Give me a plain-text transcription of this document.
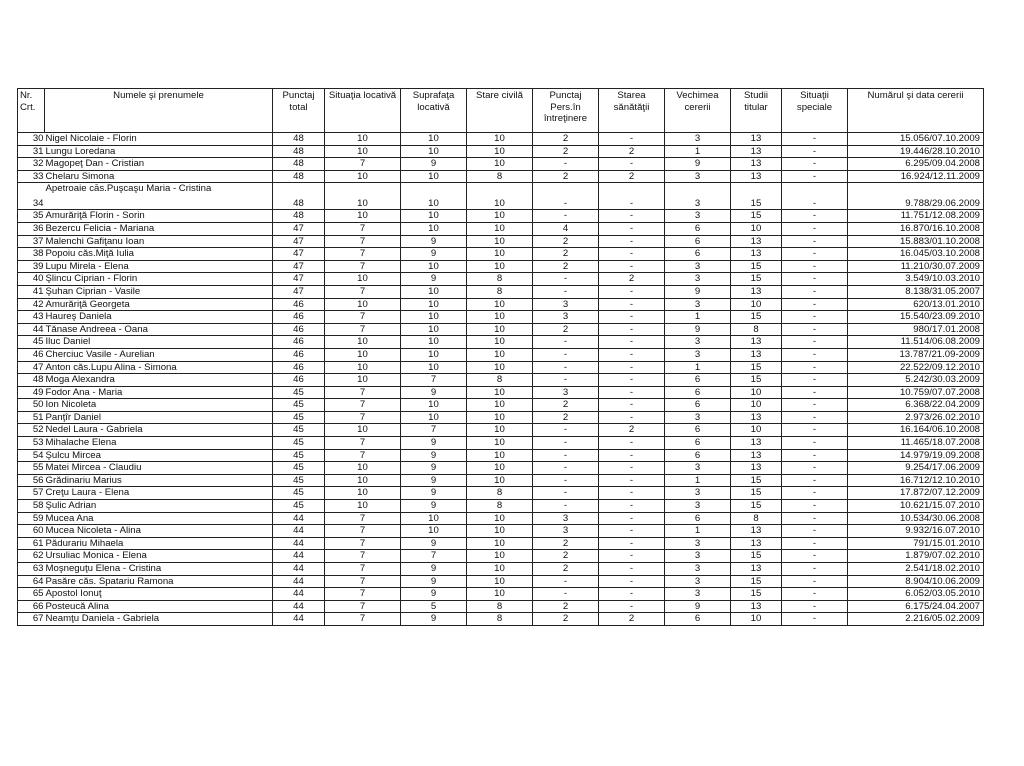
Nr. Crt.	Numele şi prenumele	Punctaj total	Situaţia locativă	Suprafaţa locativă	Stare civilă	Punctaj Pers.în întreţinere	Starea sănătăţii	Vechimea cererii	Studii titular	Situaţii speciale	Numărul şi data cererii
30	Nigel Nicolaie - Florin	48	10	10	10	2	-	3	13	-	15.056/07.10.2009
31	Lungu Loredana	48	10	10	10	2	2	1	13	-	19.446/28.10.2010
32	Magopeţ Dan - Cristian	48	7	9	10	-	-	9	13	-	6.295/09.04.2008
33	Chelaru Simona	48	10	10	8	2	2	3	13	-	16.924/12.11.2009
34	Apetroaie cās.Puşcaşu Maria - Cristina	48	10	10	10	-	-	3	15	-	9.788/29.06.2009
35	Amurăriţă Florin - Sorin	48	10	10	10	-	-	3	15	-	11.751/12.08.2009
36	Bezercu Felicia - Mariana	47	7	10	10	4	-	6	10	-	16.870/16.10.2008
37	Malenchi Gafiţanu Ioan	47	7	9	10	2	-	6	13	-	15.883/01.10.2008
38	Popoiu căs.Miţă Iulia	47	7	9	10	2	-	6	13	-	16.045/03.10.2008
39	Lupu Mirela - Elena	47	7	10	10	2	-	3	15	-	11.210/30.07.2009
40	Şlincu Ciprian - Florin	47	10	9	8	-	2	3	15	-	3.549/10.03.2010
41	Şuhan Ciprian - Vasile	47	7	10	8	-	-	9	13	-	8.138/31.05.2007
42	Amurăriţă Georgeta	46	10	10	10	3	-	3	10	-	620/13.01.2010
43	Haureş Daniela	46	7	10	10	3	-	1	15	-	15.540/23.09.2010
44	Tănase Andreea - Oana	46	7	10	10	2	-	9	8	-	980/17.01.2008
45	Iluc Daniel	46	10	10	10	-	-	3	13	-	11.514/06.08.2009
46	Cherciuc Vasile - Aurelian	46	10	10	10	-	-	3	13	-	13.787/21.09-2009
47	Anton căs.Lupu Alina - Simona	46	10	10	10	-	-	1	15	-	22.522/09.12.2010
48	Moga Alexandra	46	10	7	8	-	-	6	15	-	5.242/30.03.2009
49	Fodor Ana - Maria	45	7	9	10	3	-	6	10	-	10.759/07.07.2008
50	Ion Nicoleta	45	7	10	10	2	-	6	10	-	6.368/22.04.2009
51	Panţîr Daniel	45	7	10	10	2	-	3	13	-	2.973/26.02.2010
52	Nedel Laura - Gabriela	45	10	7	10	-	2	6	10	-	16.164/06.10.2008
53	Mihalache Elena	45	7	9	10	-	-	6	13	-	11.465/18.07.2008
54	Şulcu Mircea	45	7	9	10	-	-	6	13	-	14.979/19.09.2008
55	Matei Mircea - Claudiu	45	10	9	10	-	-	3	13	-	9.254/17.06.2009
56	Grădinariu Marius	45	10	9	10	-	-	1	15	-	16.712/12.10.2010
57	Creţu Laura - Elena	45	10	9	8	-	-	3	15	-	17.872/07.12.2009
58	Şulic Adrian	45	10	9	8	-	-	3	15	-	10.621/15.07.2010
59	Mucea Ana	44	7	10	10	3	-	6	8	-	10.534/30.06.2008
60	Mucea Nicoleta - Alina	44	7	10	10	3	-	1	13	-	9.932/16.07.2010
61	Pădurariu Mihaela	44	7	9	10	2	-	3	13	-	791/15.01.2010
62	Ursuliac Monica - Elena	44	7	7	10	2	-	3	15	-	1.879/07.02.2010
63	Moşneguţu Elena - Cristina	44	7	9	10	2	-	3	13	-	2.541/18.02.2010
64	Pasăre căs. Spatariu Ramona	44	7	9	10	-	-	3	15	-	8.904/10.06.2009
65	Apostol Ionuţ	44	7	9	10	-	-	3	15	-	6.052/03.05.2010
66	Posteucă Alina	44	7	5	8	2	-	9	13	-	6.175/24.04.2007
67	Neamţu Daniela - Gabriela	44	7	9	8	2	2	6	10	-	2.216/05.02.2009
